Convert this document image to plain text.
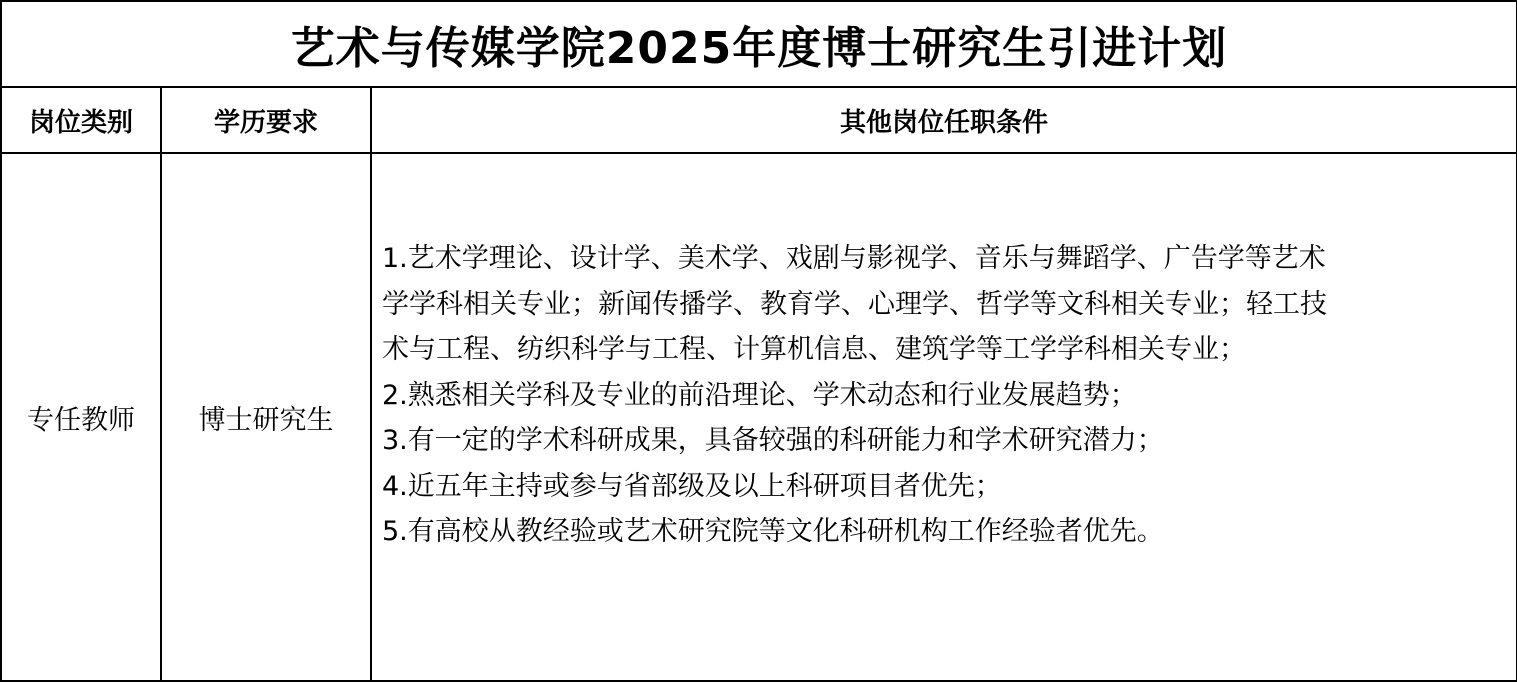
艺术与传媒学院2025年度博士研究生引进计划		
岗位类别	学历要求	其他岗位任职条件
专任教师	博士研究生	1.艺术学理论、设计学、美术学、戏剧与影视学、音乐与舞蹈学、广告学等艺术学学科相关专业；新闻传播学、教育学、心理学、哲学等文科相关专业；轻工技术与工程、纺织科学与工程、计算机信息、建筑学等工学学科相关专业；
2.熟悉相关学科及专业的前沿理论、学术动态和行业发展趋势；
3.有一定的学术科研成果，具备较强的科研能力和学术研究潜力；
4.近五年主持或参与省部级及以上科研项目者优先；
5.有高校从教经验或艺术研究院等文化科研机构工作经验者优先。
